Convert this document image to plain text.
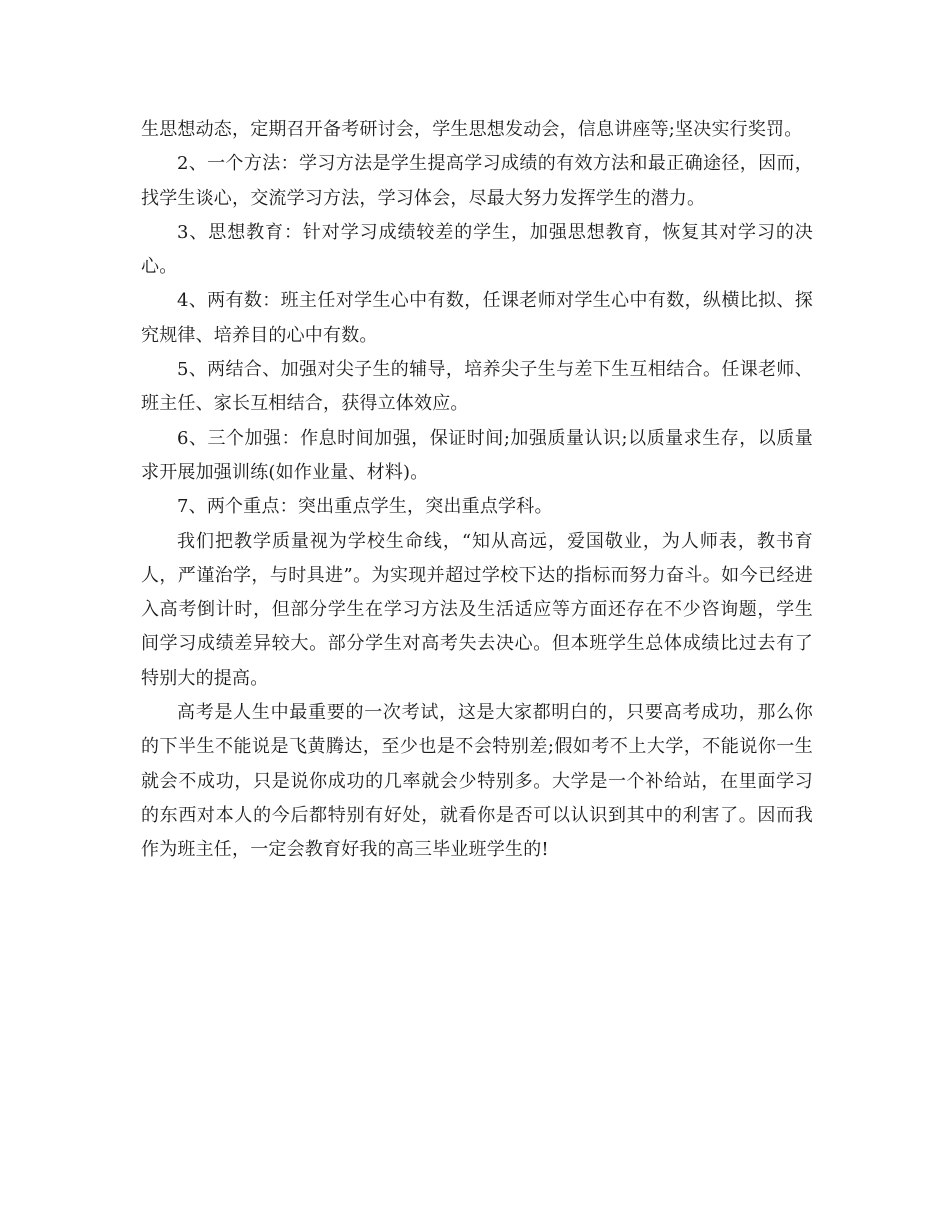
生思想动态，定期召开备考研讨会，学生思想发动会，信息讲座等;坚决实行奖罚。

2、一个方法：学习方法是学生提高学习成绩的有效方法和最正确途径，因而，找学生谈心，交流学习方法，学习体会，尽最大努力发挥学生的潜力。

3、思想教育：针对学习成绩较差的学生，加强思想教育，恢复其对学习的决心。

4、两有数：班主任对学生心中有数，任课老师对学生心中有数，纵横比拟、探究规律、培养目的心中有数。

5、两结合、加强对尖子生的辅导，培养尖子生与差下生互相结合。任课老师、班主任、家长互相结合，获得立体效应。

6、三个加强：作息时间加强，保证时间;加强质量认识;以质量求生存，以质量求开展加强训练(如作业量、材料)。

7、两个重点：突出重点学生，突出重点学科。

我们把教学质量视为学校生命线，“知从高远，爱国敬业，为人师表，教书育人，严谨治学，与时具进”。为实现并超过学校下达的指标而努力奋斗。如今已经进入高考倒计时，但部分学生在学习方法及生活适应等方面还存在不少咨询题，学生间学习成绩差异较大。部分学生对高考失去决心。但本班学生总体成绩比过去有了特别大的提高。

高考是人生中最重要的一次考试，这是大家都明白的，只要高考成功，那么你的下半生不能说是飞黄腾达，至少也是不会特别差;假如考不上大学，不能说你一生就会不成功，只是说你成功的几率就会少特别多。大学是一个补给站，在里面学习的东西对本人的今后都特别有好处，就看你是否可以认识到其中的利害了。因而我作为班主任，一定会教育好我的高三毕业班学生的!
